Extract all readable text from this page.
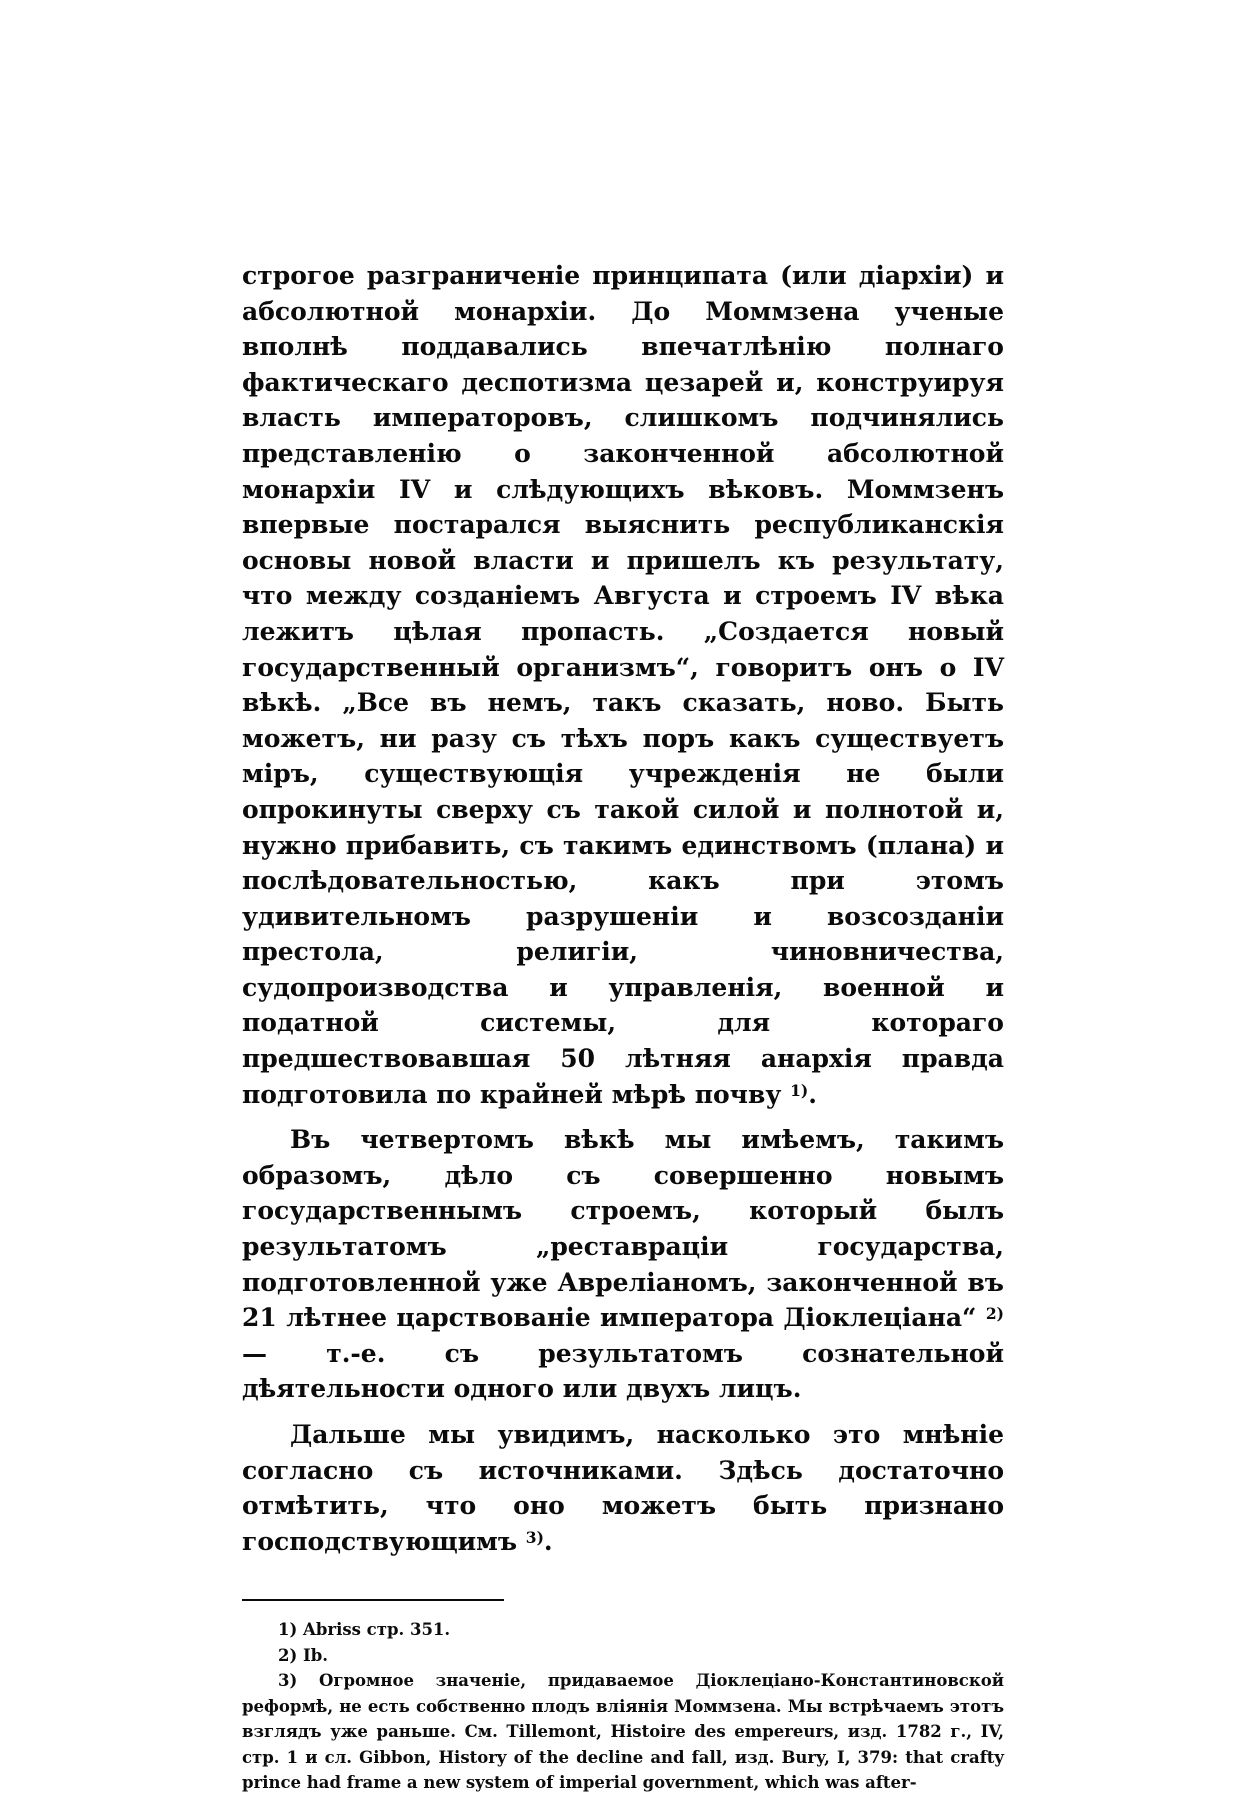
строгое разграниченіе принципата (или діархіи) и абсолютной монархіи. До Моммзена ученые вполнѣ поддавались впечатлѣнію полнаго фактическаго деспотизма цезарей и, конструируя власть императоровъ, слишкомъ подчинялись представленію о законченной абсолютной монархіи IV и слѣдующихъ вѣковъ. Моммзенъ впервые постарался выяснить республиканскія основы новой власти и пришелъ къ результату, что между созданіемъ Августа и строемъ IV вѣка лежитъ цѣлая пропасть. „Создается новый государственный организмъ“, говоритъ онъ о IV вѣкѣ. „Все въ немъ, такъ сказать, ново. Быть можетъ, ни разу съ тѣхъ поръ какъ существуетъ міръ, существующія учрежденія не были опрокинуты сверху съ такой силой и полнотой и, нужно прибавить, съ такимъ единствомъ (плана) и послѣдовательностью, какъ при этомъ удивительномъ разрушеніи и возсозданіи престола, религіи, чиновничества, судопроизводства и управленія, военной и податной системы, для котораго предшествовавшая 50 лѣтняя анархія правда подготовила по крайней мѣрѣ почву $^{1)}$.

Въ четвертомъ вѣкѣ мы имѣемъ, такимъ образомъ, дѣло съ совершенно новымъ государственнымъ строемъ, который былъ результатомъ „реставраціи государства, подготовленной уже Авреліаномъ, законченной въ 21 лѣтнее царствованіе императора Діоклеціана“ $^{2)}$ — т.-е. съ результатомъ сознательной дѣятельности одного или двухъ лицъ.

Дальше мы увидимъ, насколько это мнѣніе согласно съ источниками. Здѣсь достаточно отмѣтить, что оно можетъ быть признано господствующимъ $^{3)}$.

1) Abriss стр. 351.

2) Ib.

3) Огромное значеніе, придаваемое Діоклеціано-Константиновской реформѣ, не есть собственно плодъ вліянія Моммзена. Мы встрѣчаемъ этотъ взглядъ уже раньше. См. Tillemont, Histoire des empereurs, изд. 1782 г., IV, стр. 1 и сл. Gibbon, History of the decline and fall, изд. Bury, I, 379: that crafty prince had frame a new system of imperial government, which was after-
